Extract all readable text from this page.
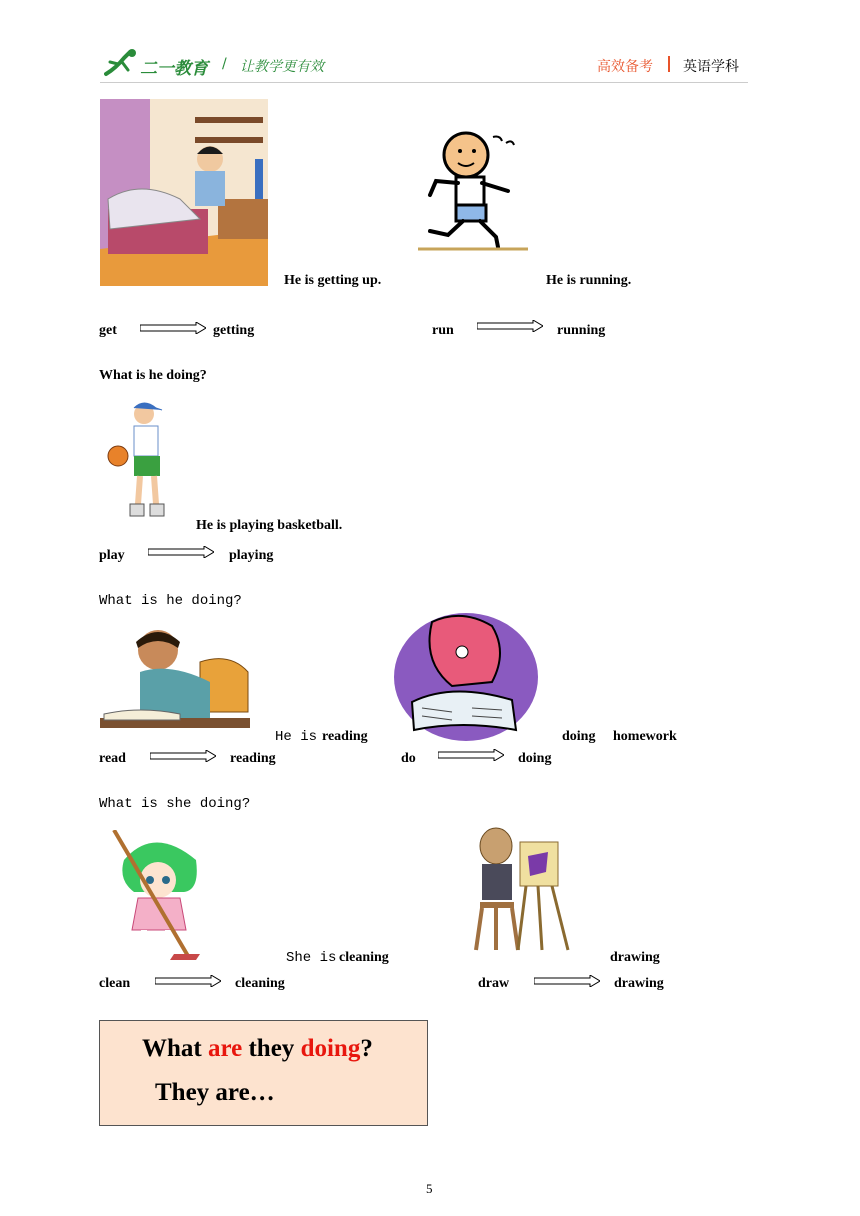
二一教育 / 让教学更有效	高效备考 英语学科
He is getting up.	He is running.
get	getting	run	running
What is he doing?
He is playing basketball.
play	playing
What is he doing?
He is reading	doing homework
read	reading	do	doing
What is she doing?
She is cleaning	drawing
clean	cleaning	draw	drawing
What are they doing?
They are…
5
